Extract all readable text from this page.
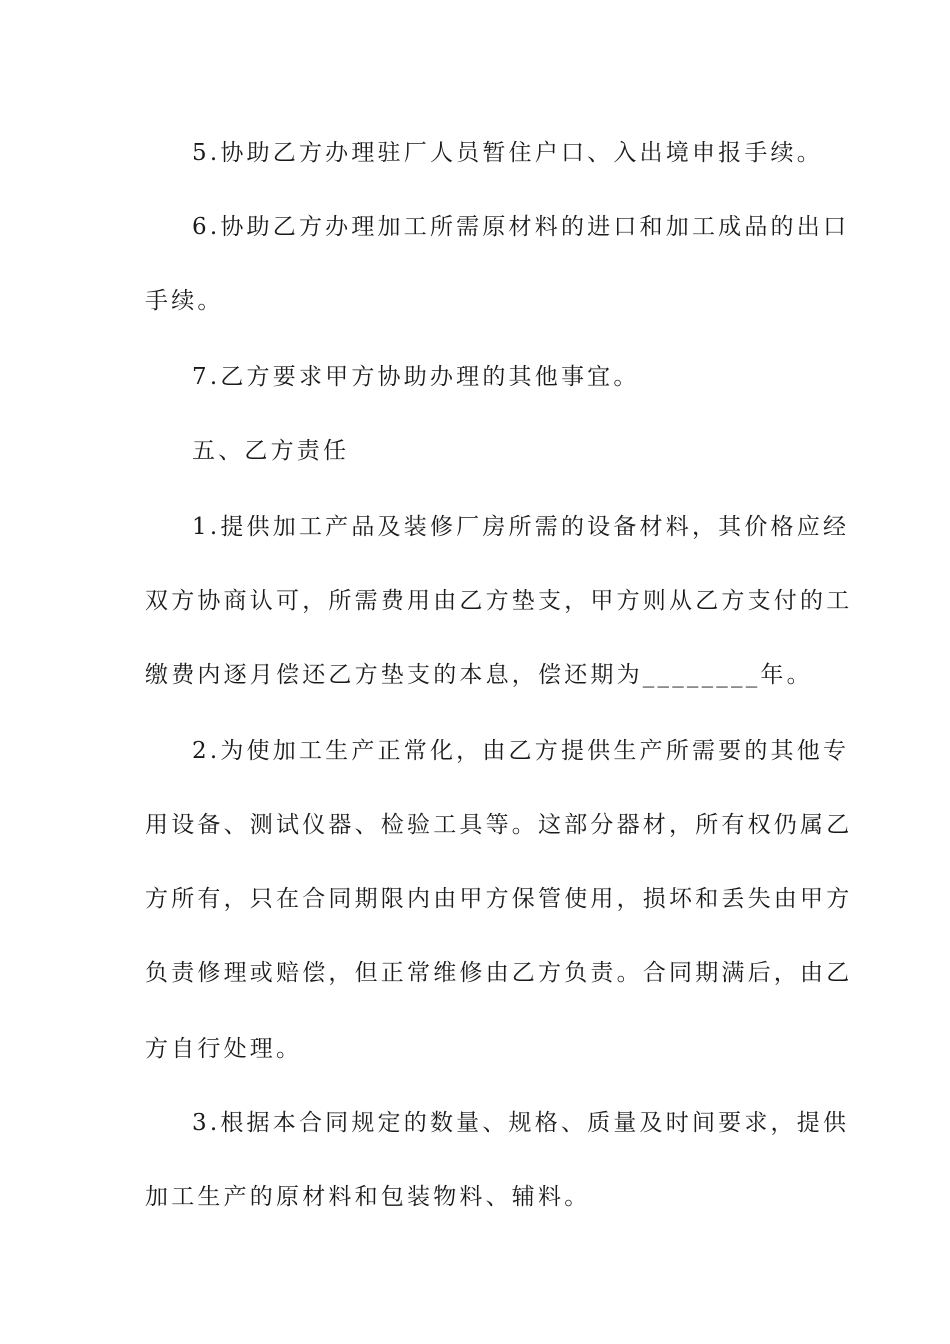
5.协助乙方办理驻厂人员暂住户口、入出境申报手续。

6.协助乙方办理加工所需原材料的进口和加工成品的出口

手续。

7.乙方要求甲方协助办理的其他事宜。

五、乙方责任

1.提供加工产品及装修厂房所需的设备材料，其价格应经

双方协商认可，所需费用由乙方垫支，甲方则从乙方支付的工

缴费内逐月偿还乙方垫支的本息，偿还期为________年。

2.为使加工生产正常化，由乙方提供生产所需要的其他专

用设备、测试仪器、检验工具等。这部分器材，所有权仍属乙

方所有，只在合同期限内由甲方保管使用，损坏和丢失由甲方

负责修理或赔偿，但正常维修由乙方负责。合同期满后，由乙

方自行处理。

3.根据本合同规定的数量、规格、质量及时间要求，提供

加工生产的原材料和包装物料、辅料。
